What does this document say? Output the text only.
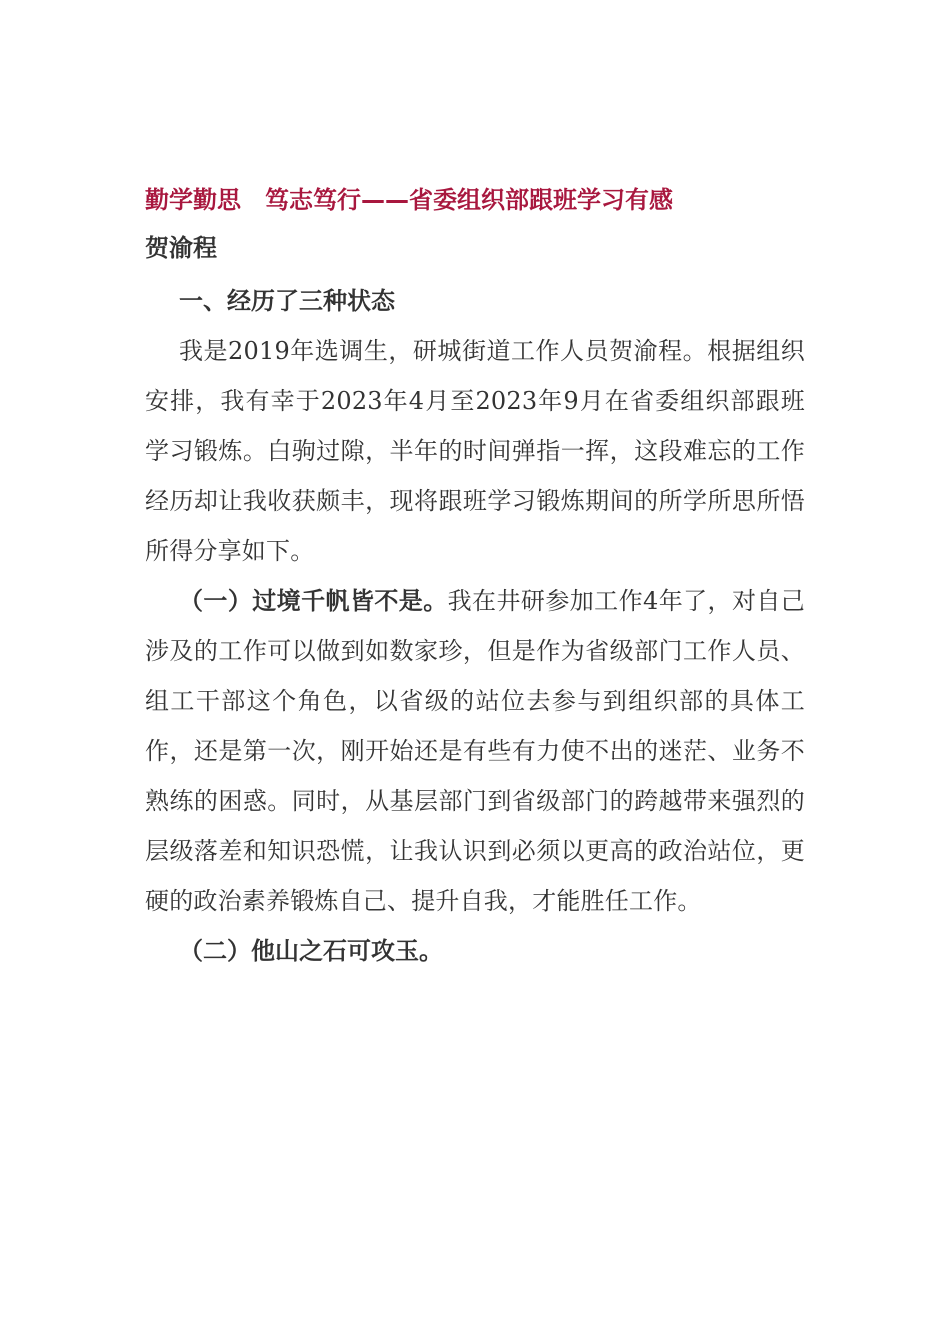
勤学勤思　笃志笃行——省委组织部跟班学习有感
贺渝程
一、经历了三种状态

我是2019年选调生，研城街道工作人员贺渝程。根据组织安排，我有幸于2023年4月至2023年9月在省委组织部跟班学习锻炼。白驹过隙，半年的时间弹指一挥，这段难忘的工作经历却让我收获颇丰，现将跟班学习锻炼期间的所学所思所悟所得分享如下。

（一）过境千帆皆不是。我在井研参加工作4年了，对自己涉及的工作可以做到如数家珍，但是作为省级部门工作人员、组工干部这个角色，以省级的站位去参与到组织部的具体工作，还是第一次，刚开始还是有些有力使不出的迷茫、业务不熟练的困惑。同时，从基层部门到省级部门的跨越带来强烈的层级落差和知识恐慌，让我认识到必须以更高的政治站位，更硬的政治素养锻炼自己、提升自我，才能胜任工作。

（二）他山之石可攻玉。
